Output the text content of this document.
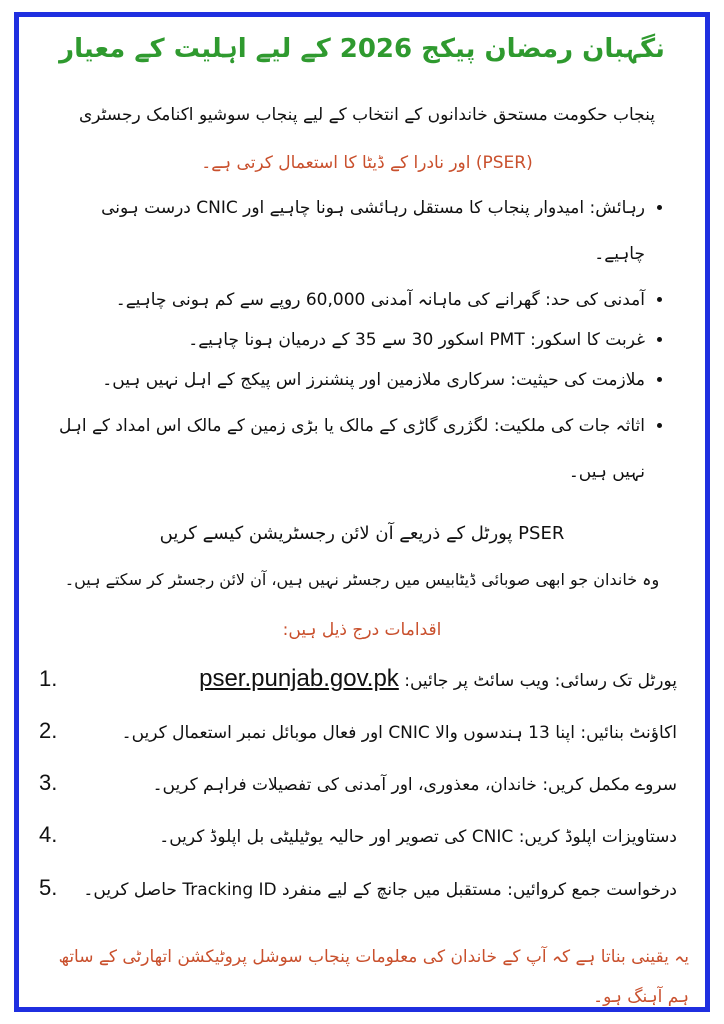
نگہبان رمضان پیکج 2026 کے لیے اہلیت کے معیار
پنجاب حکومت مستحق خاندانوں کے انتخاب کے لیے پنجاب سوشیو اکنامک رجسٹری
(PSER) اور نادرا کے ڈیٹا کا استعمال کرتی ہے۔
• رہائش: امیدوار پنجاب کا مستقل رہائشی ہونا چاہیے اور CNIC درست ہونی چاہیے۔
• آمدنی کی حد: گھرانے کی ماہانہ آمدنی 60,000 روپے سے کم ہونی چاہیے۔
• غربت کا اسکور: PMT اسکور 30 سے 35 کے درمیان ہونا چاہیے۔
• ملازمت کی حیثیت: سرکاری ملازمین اور پنشنرز اس پیکج کے اہل نہیں ہیں۔
• اثاثہ جات کی ملکیت: لگژری گاڑی کے مالک یا بڑی زمین کے مالک اس امداد کے اہل نہیں ہیں۔
PSER پورٹل کے ذریعے آن لائن رجسٹریشن کیسے کریں
وہ خاندان جو ابھی صوبائی ڈیٹابیس میں رجسٹر نہیں ہیں، آن لائن رجسٹر کر سکتے ہیں۔
اقدامات درج ذیل ہیں:
1.	پورٹل تک رسائی: ویب سائٹ پر جائیں: pser.punjab.gov.pk
2.	اکاؤنٹ بنائیں: اپنا 13 ہندسوں والا CNIC اور فعال موبائل نمبر استعمال کریں۔
3.	سروے مکمل کریں: خاندان، معذوری، اور آمدنی کی تفصیلات فراہم کریں۔
4.	دستاویزات اپلوڈ کریں: CNIC کی تصویر اور حالیہ یوٹیلیٹی بل اپلوڈ کریں۔
5.	درخواست جمع کروائیں: مستقبل میں جانچ کے لیے منفرد Tracking ID حاصل کریں۔
یہ یقینی بناتا ہے کہ آپ کے خاندان کی معلومات پنجاب سوشل پروٹیکشن اتھارٹی کے ساتھ ہم آہنگ ہو۔
